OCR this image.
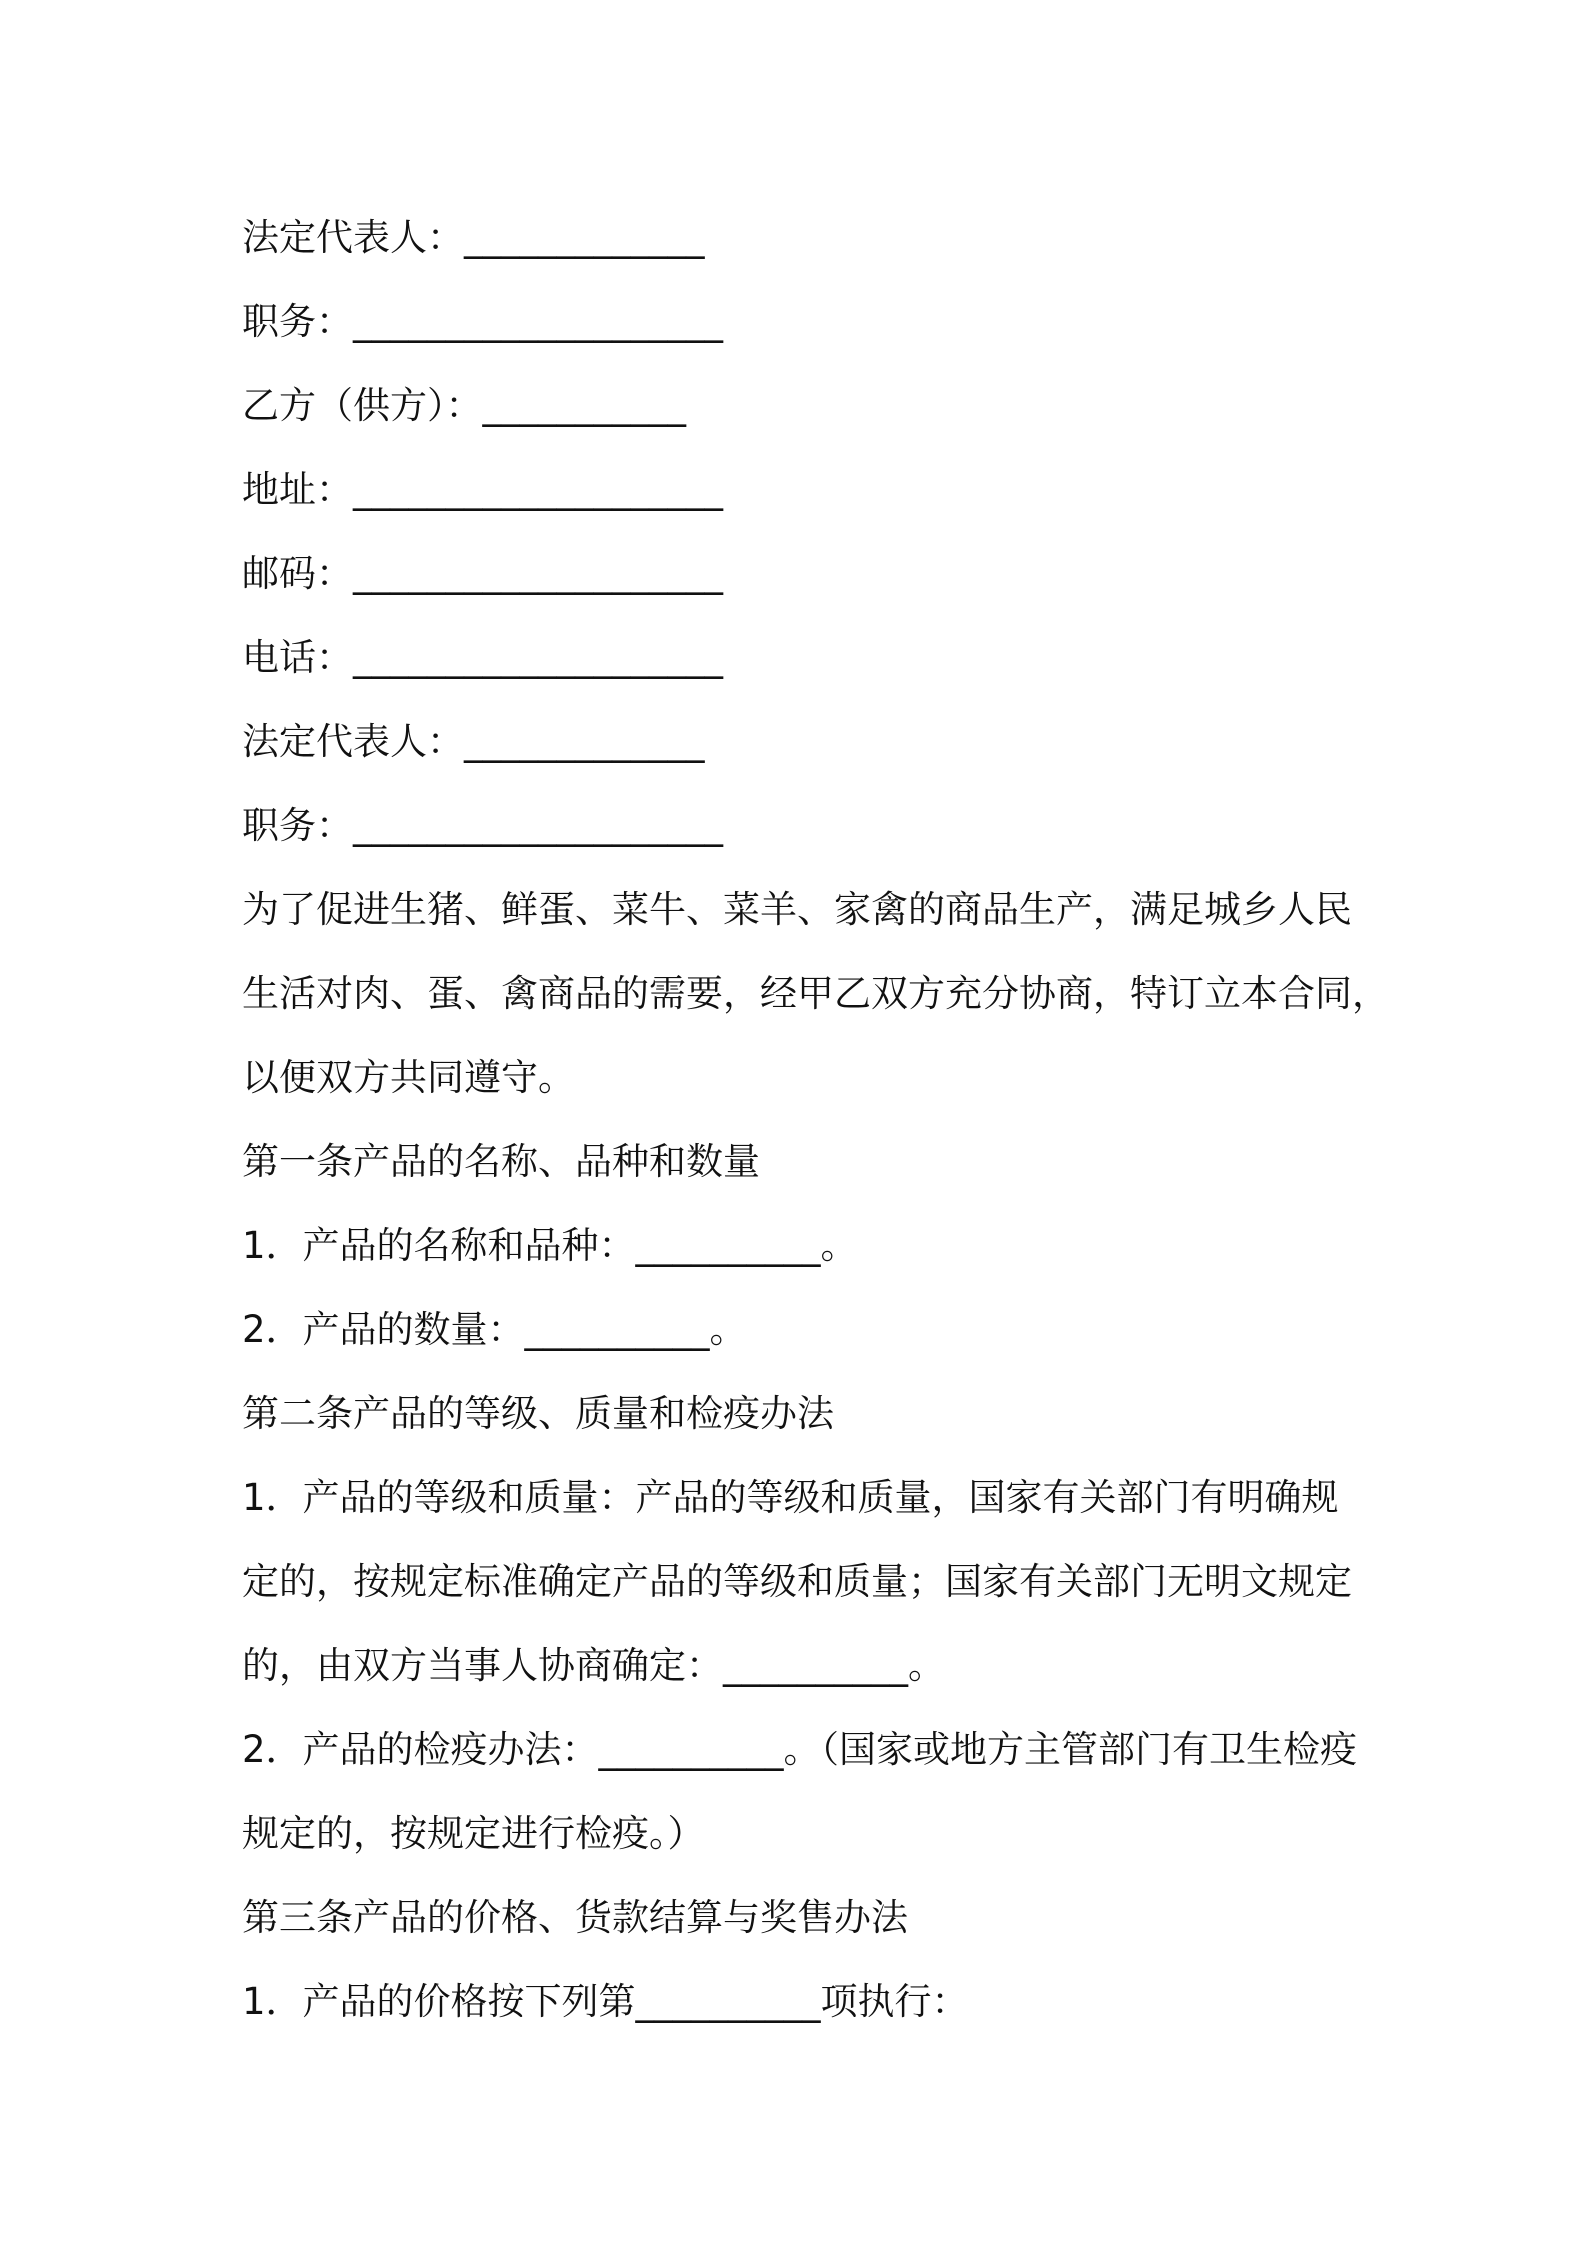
法定代表人：_____________
职务：____________________
乙方（供方）：___________
地址：____________________
邮码：____________________
电话：____________________
法定代表人：_____________
职务：____________________
为了促进生猪、鲜蛋、菜牛、菜羊、家禽的商品生产，满足城乡人民
生活对肉、蛋、禽商品的需要，经甲乙双方充分协商，特订立本合同，
以便双方共同遵守。
第一条产品的名称、品种和数量
1．产品的名称和品种：__________。
2．产品的数量：__________。
第二条产品的等级、质量和检疫办法
1．产品的等级和质量：产品的等级和质量，国家有关部门有明确规
定的，按规定标准确定产品的等级和质量；国家有关部门无明文规定
的，由双方当事人协商确定：__________。
2．产品的检疫办法：__________。（国家或地方主管部门有卫生检疫
规定的，按规定进行检疫。）
第三条产品的价格、货款结算与奖售办法
1．产品的价格按下列第__________项执行：
